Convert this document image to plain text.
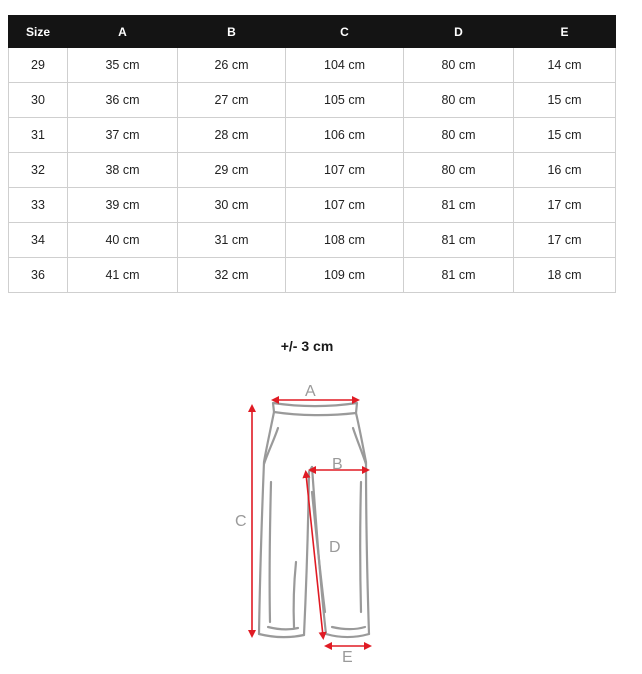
Size	A	B	C	D	E
29	35 cm	26 cm	104 cm	80 cm	14 cm
30	36 cm	27 cm	105 cm	80 cm	15 cm
31	37 cm	28 cm	106 cm	80 cm	15 cm
32	38 cm	29 cm	107 cm	80 cm	16 cm
33	39 cm	30 cm	107 cm	81 cm	17 cm
34	40 cm	31 cm	108 cm	81 cm	17 cm
36	41 cm	32 cm	109 cm	81 cm	18 cm
+/- 3 cm
A
B
C
D
E
